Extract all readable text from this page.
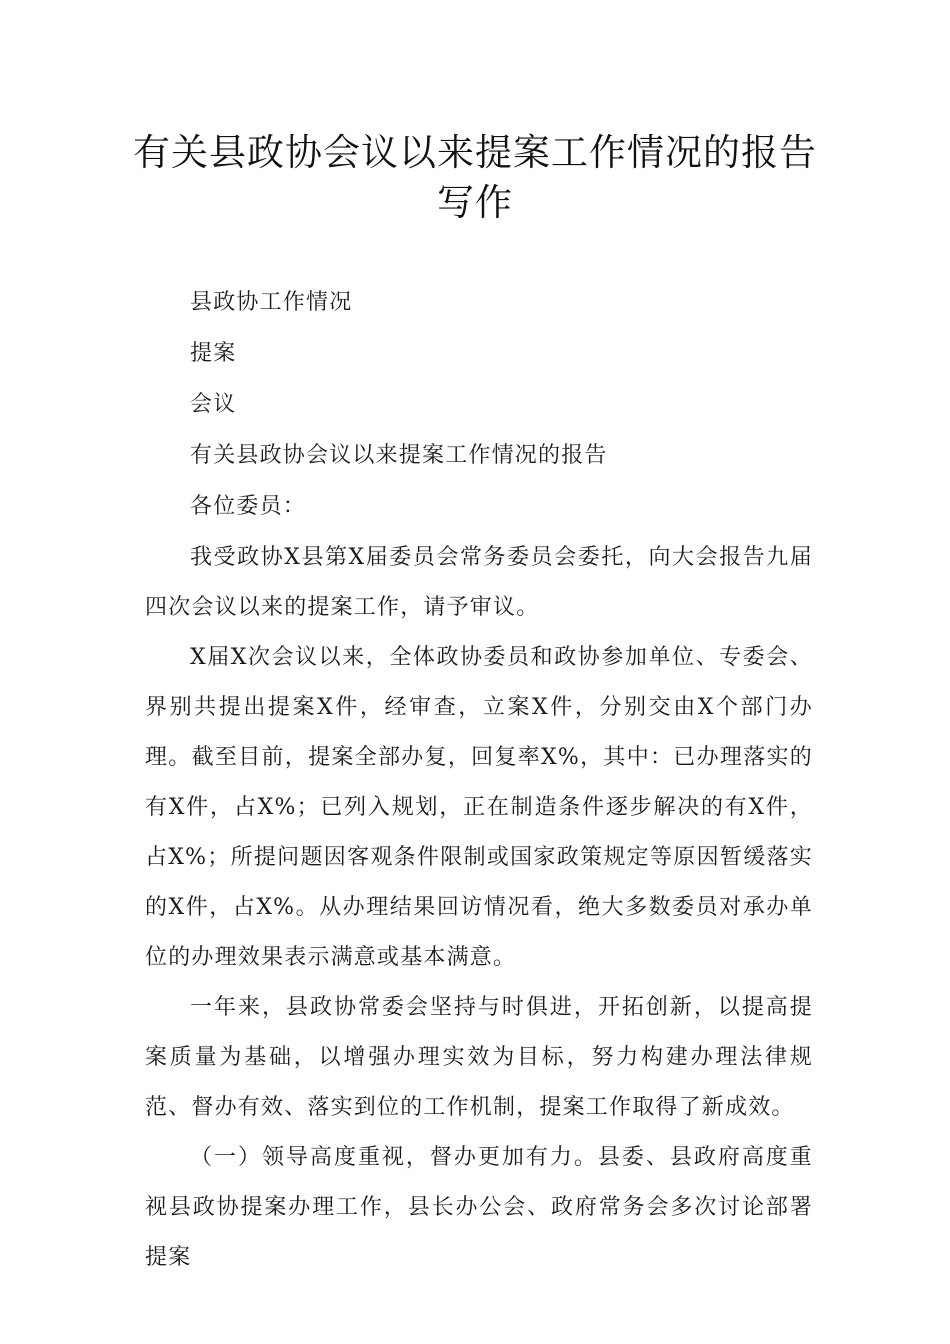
有关县政协会议以来提案工作情况的报告写作

县政协工作情况

提案

会议

有关县政协会议以来提案工作情况的报告

各位委员：

我受政协X县第X届委员会常务委员会委托，向大会报告九届四次会议以来的提案工作，请予审议。

X届X次会议以来，全体政协委员和政协参加单位、专委会、界别共提出提案X件，经审查，立案X件，分别交由X个部门办理。截至目前，提案全部办复，回复率X%，其中：已办理落实的有X件，占X%；已列入规划，正在制造条件逐步解决的有X件，占X%；所提问题因客观条件限制或国家政策规定等原因暂缓落实的X件，占X%。从办理结果回访情况看，绝大多数委员对承办单位的办理效果表示满意或基本满意。

一年来，县政协常委会坚持与时俱进，开拓创新，以提高提案质量为基础，以增强办理实效为目标，努力构建办理法律规范、督办有效、落实到位的工作机制，提案工作取得了新成效。

（一）领导高度重视，督办更加有力。县委、县政府高度重视县政协提案办理工作，县长办公会、政府常务会多次讨论部署提案
